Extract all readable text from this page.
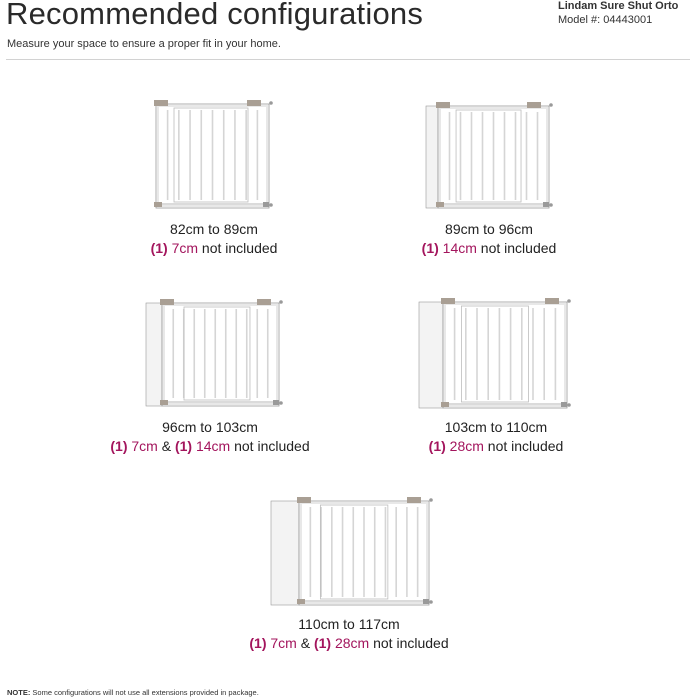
Recommended configurations
Measure your space to ensure a proper fit in your home.
Lindam Sure Shut Orto
Model #: 04443001
82cm to 89cm
(1) 7cm not included
89cm to 96cm
(1) 14cm not included
96cm to 103cm
(1) 7cm & (1) 14cm not included
103cm to 110cm
(1) 28cm not included
110cm to 117cm
(1) 7cm & (1) 28cm not included
NOTE: Some configurations will not use all extensions provided in package.
